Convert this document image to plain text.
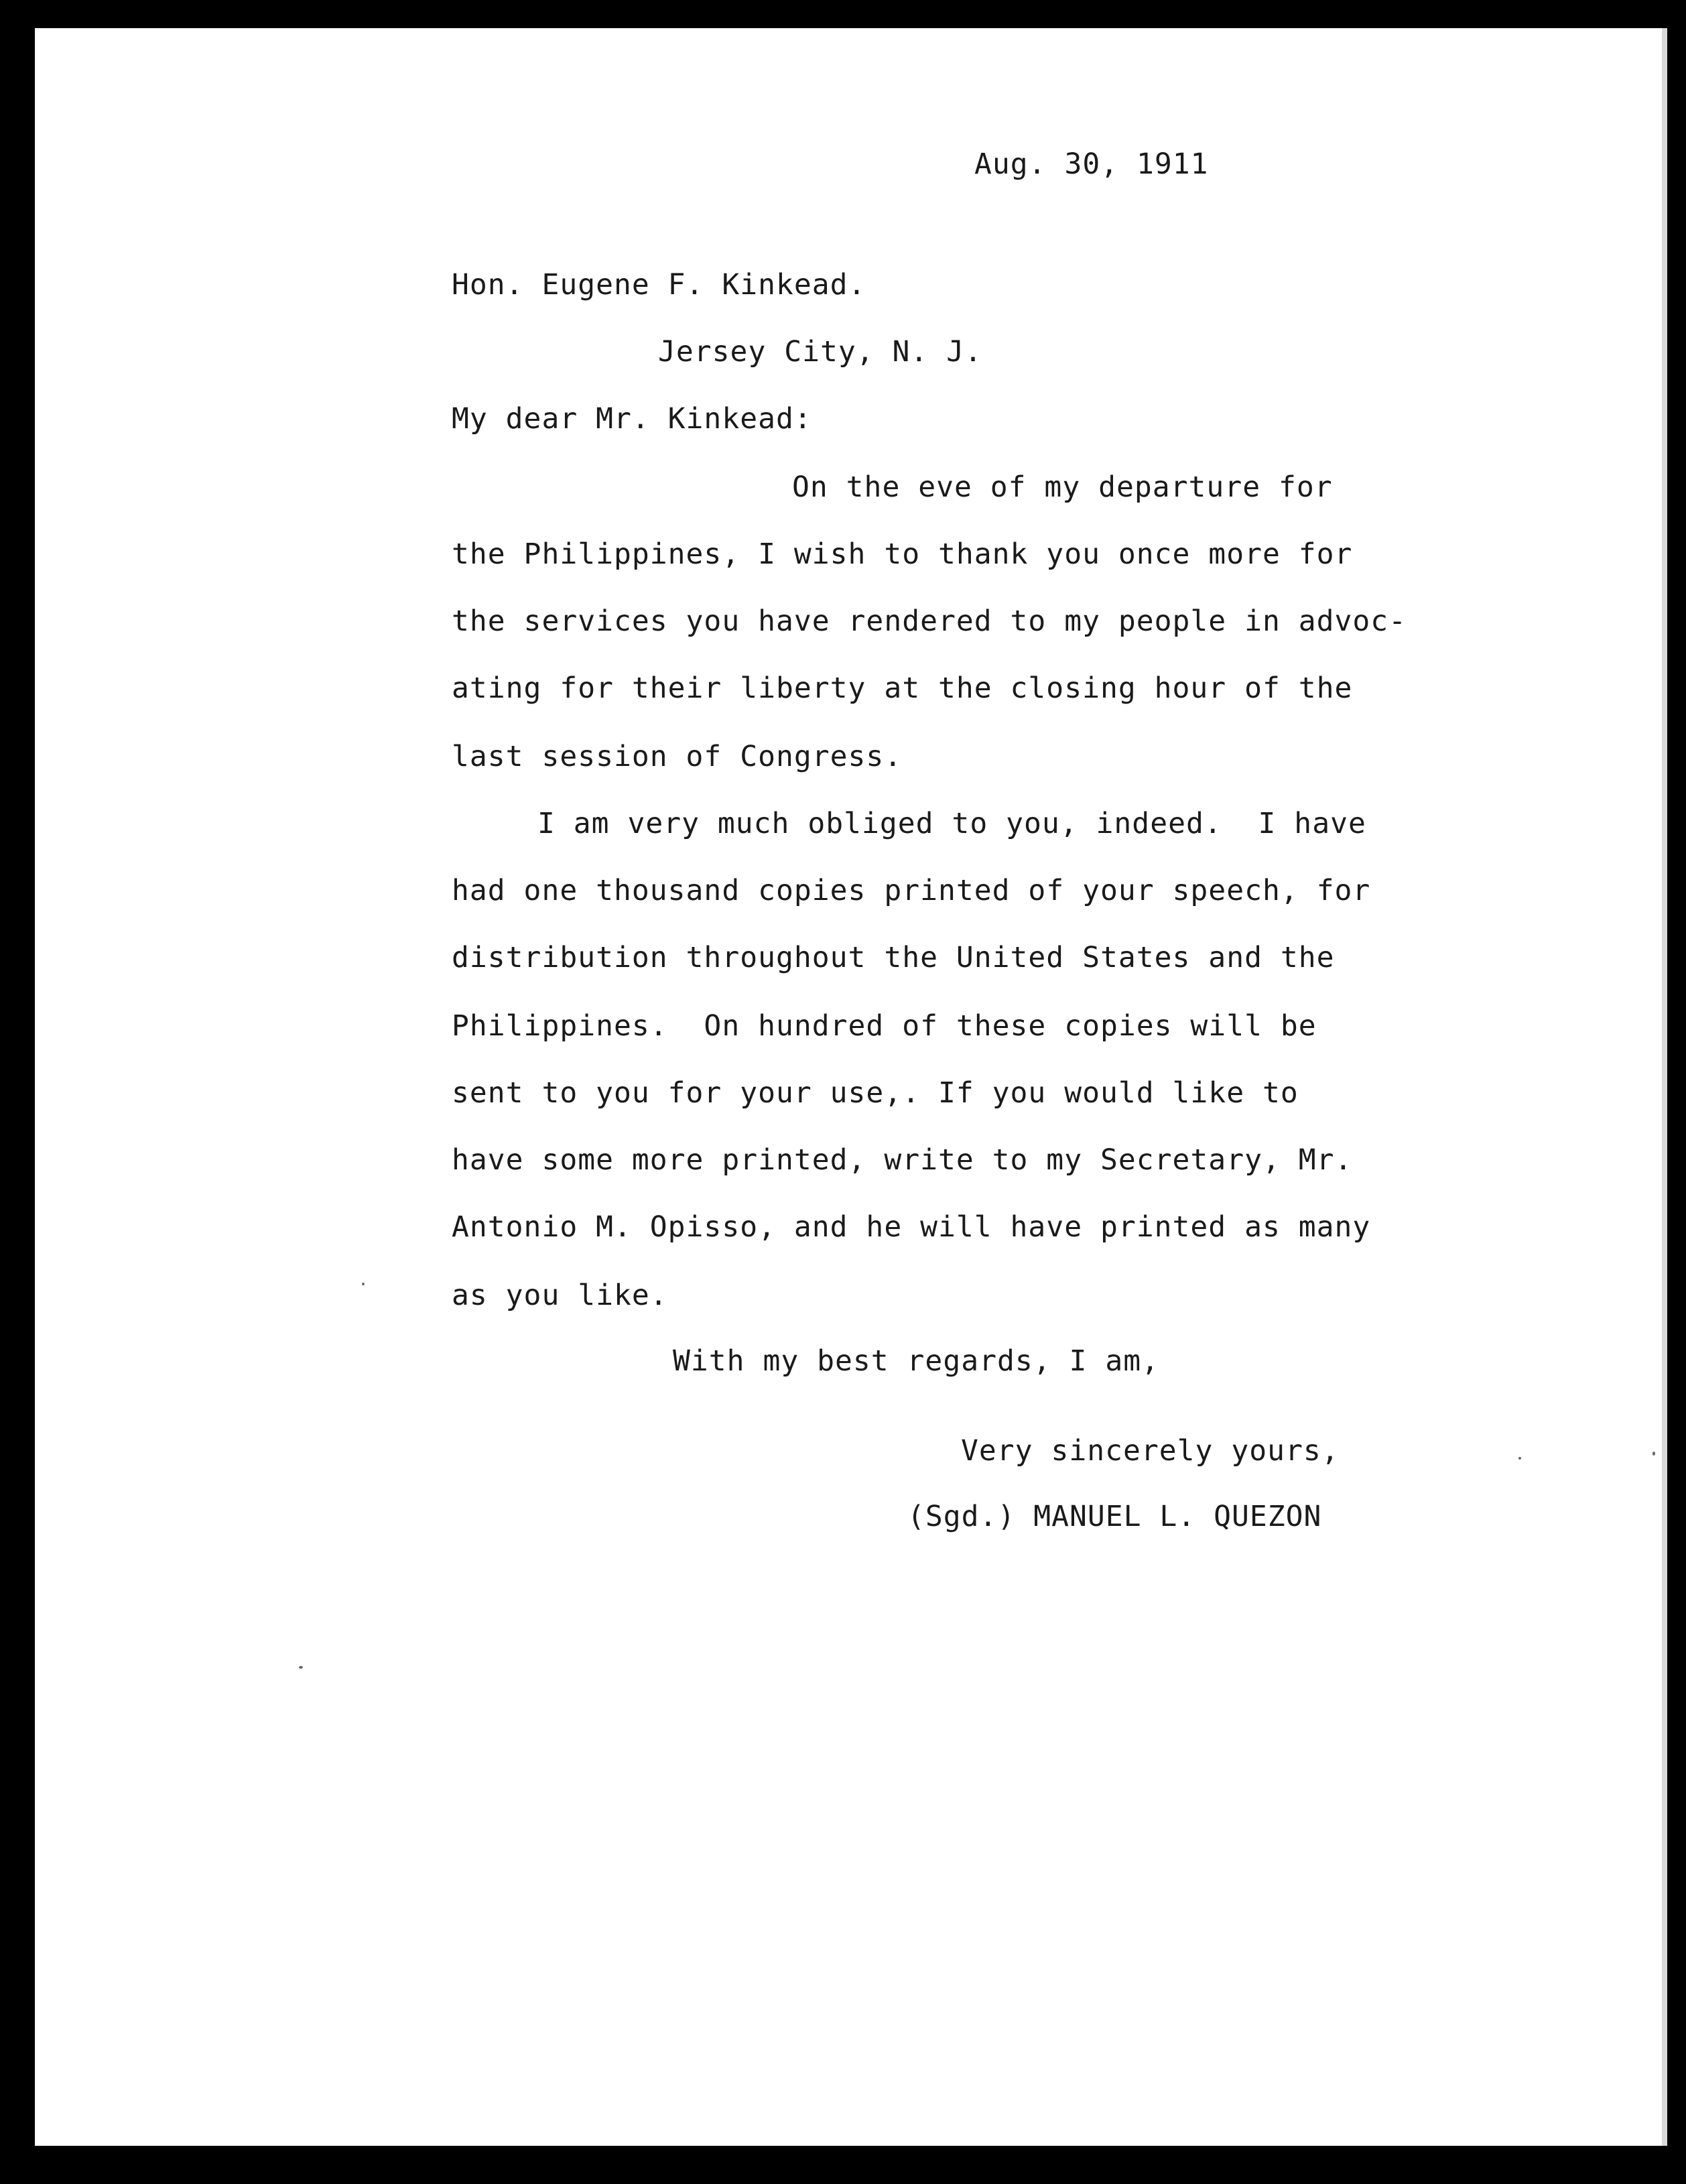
Aug. 30, 1911
Hon. Eugene F. Kinkead.
Jersey City, N. J.
My dear Mr. Kinkead:
On the eve of my departure for
the Philippines, I wish to thank you once more for
the services you have rendered to my people in advoc-
ating for their liberty at the closing hour of the
last session of Congress.
I am very much obliged to you, indeed.  I have
had one thousand copies printed of your speech, for
distribution throughout the United States and the
Philippines.  On hundred of these copies will be
sent to you for your use,. If you would like to
have some more printed, write to my Secretary, Mr.
Antonio M. Opisso, and he will have printed as many
as you like.
With my best regards, I am,
Very sincerely yours,
(Sgd.) MANUEL L. QUEZON
